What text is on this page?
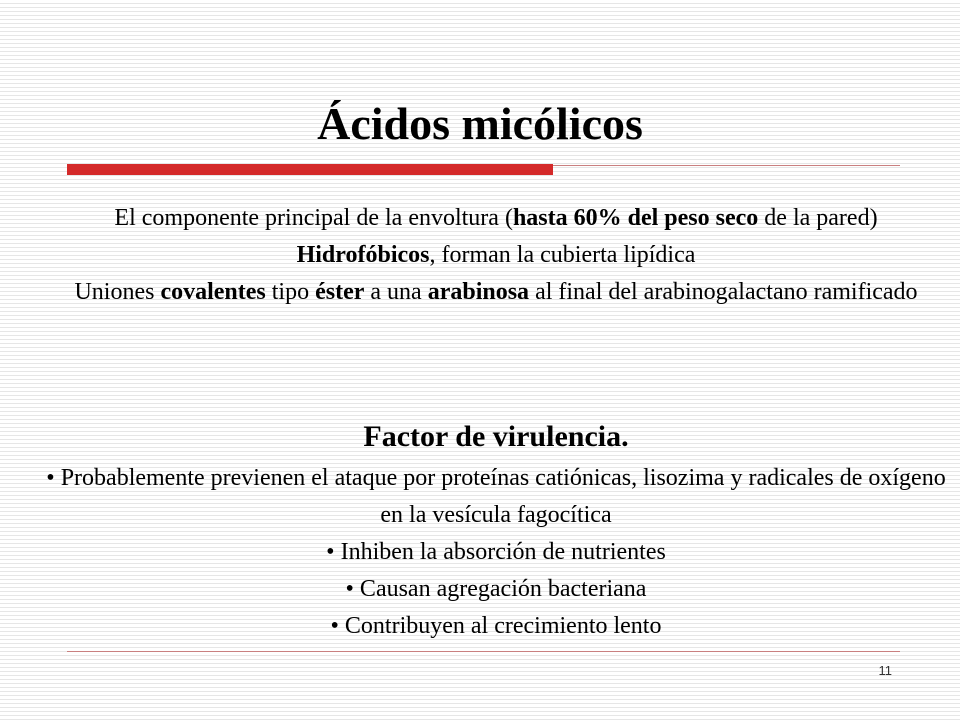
Ácidos micólicos

El componente principal de la envoltura (hasta 60% del peso seco de la pared)

Hidrofóbicos, forman la cubierta lipídica

Uniones covalentes tipo éster a una arabinosa al final del arabinogalactano ramificado

Factor de virulencia.
• Probablemente previenen el ataque por proteínas catiónicas, lisozima y radicales de oxígeno en la vesícula fagocítica
• Inhiben la absorción de nutrientes
• Causan agregación bacteriana
• Contribuyen al crecimiento lento
11
